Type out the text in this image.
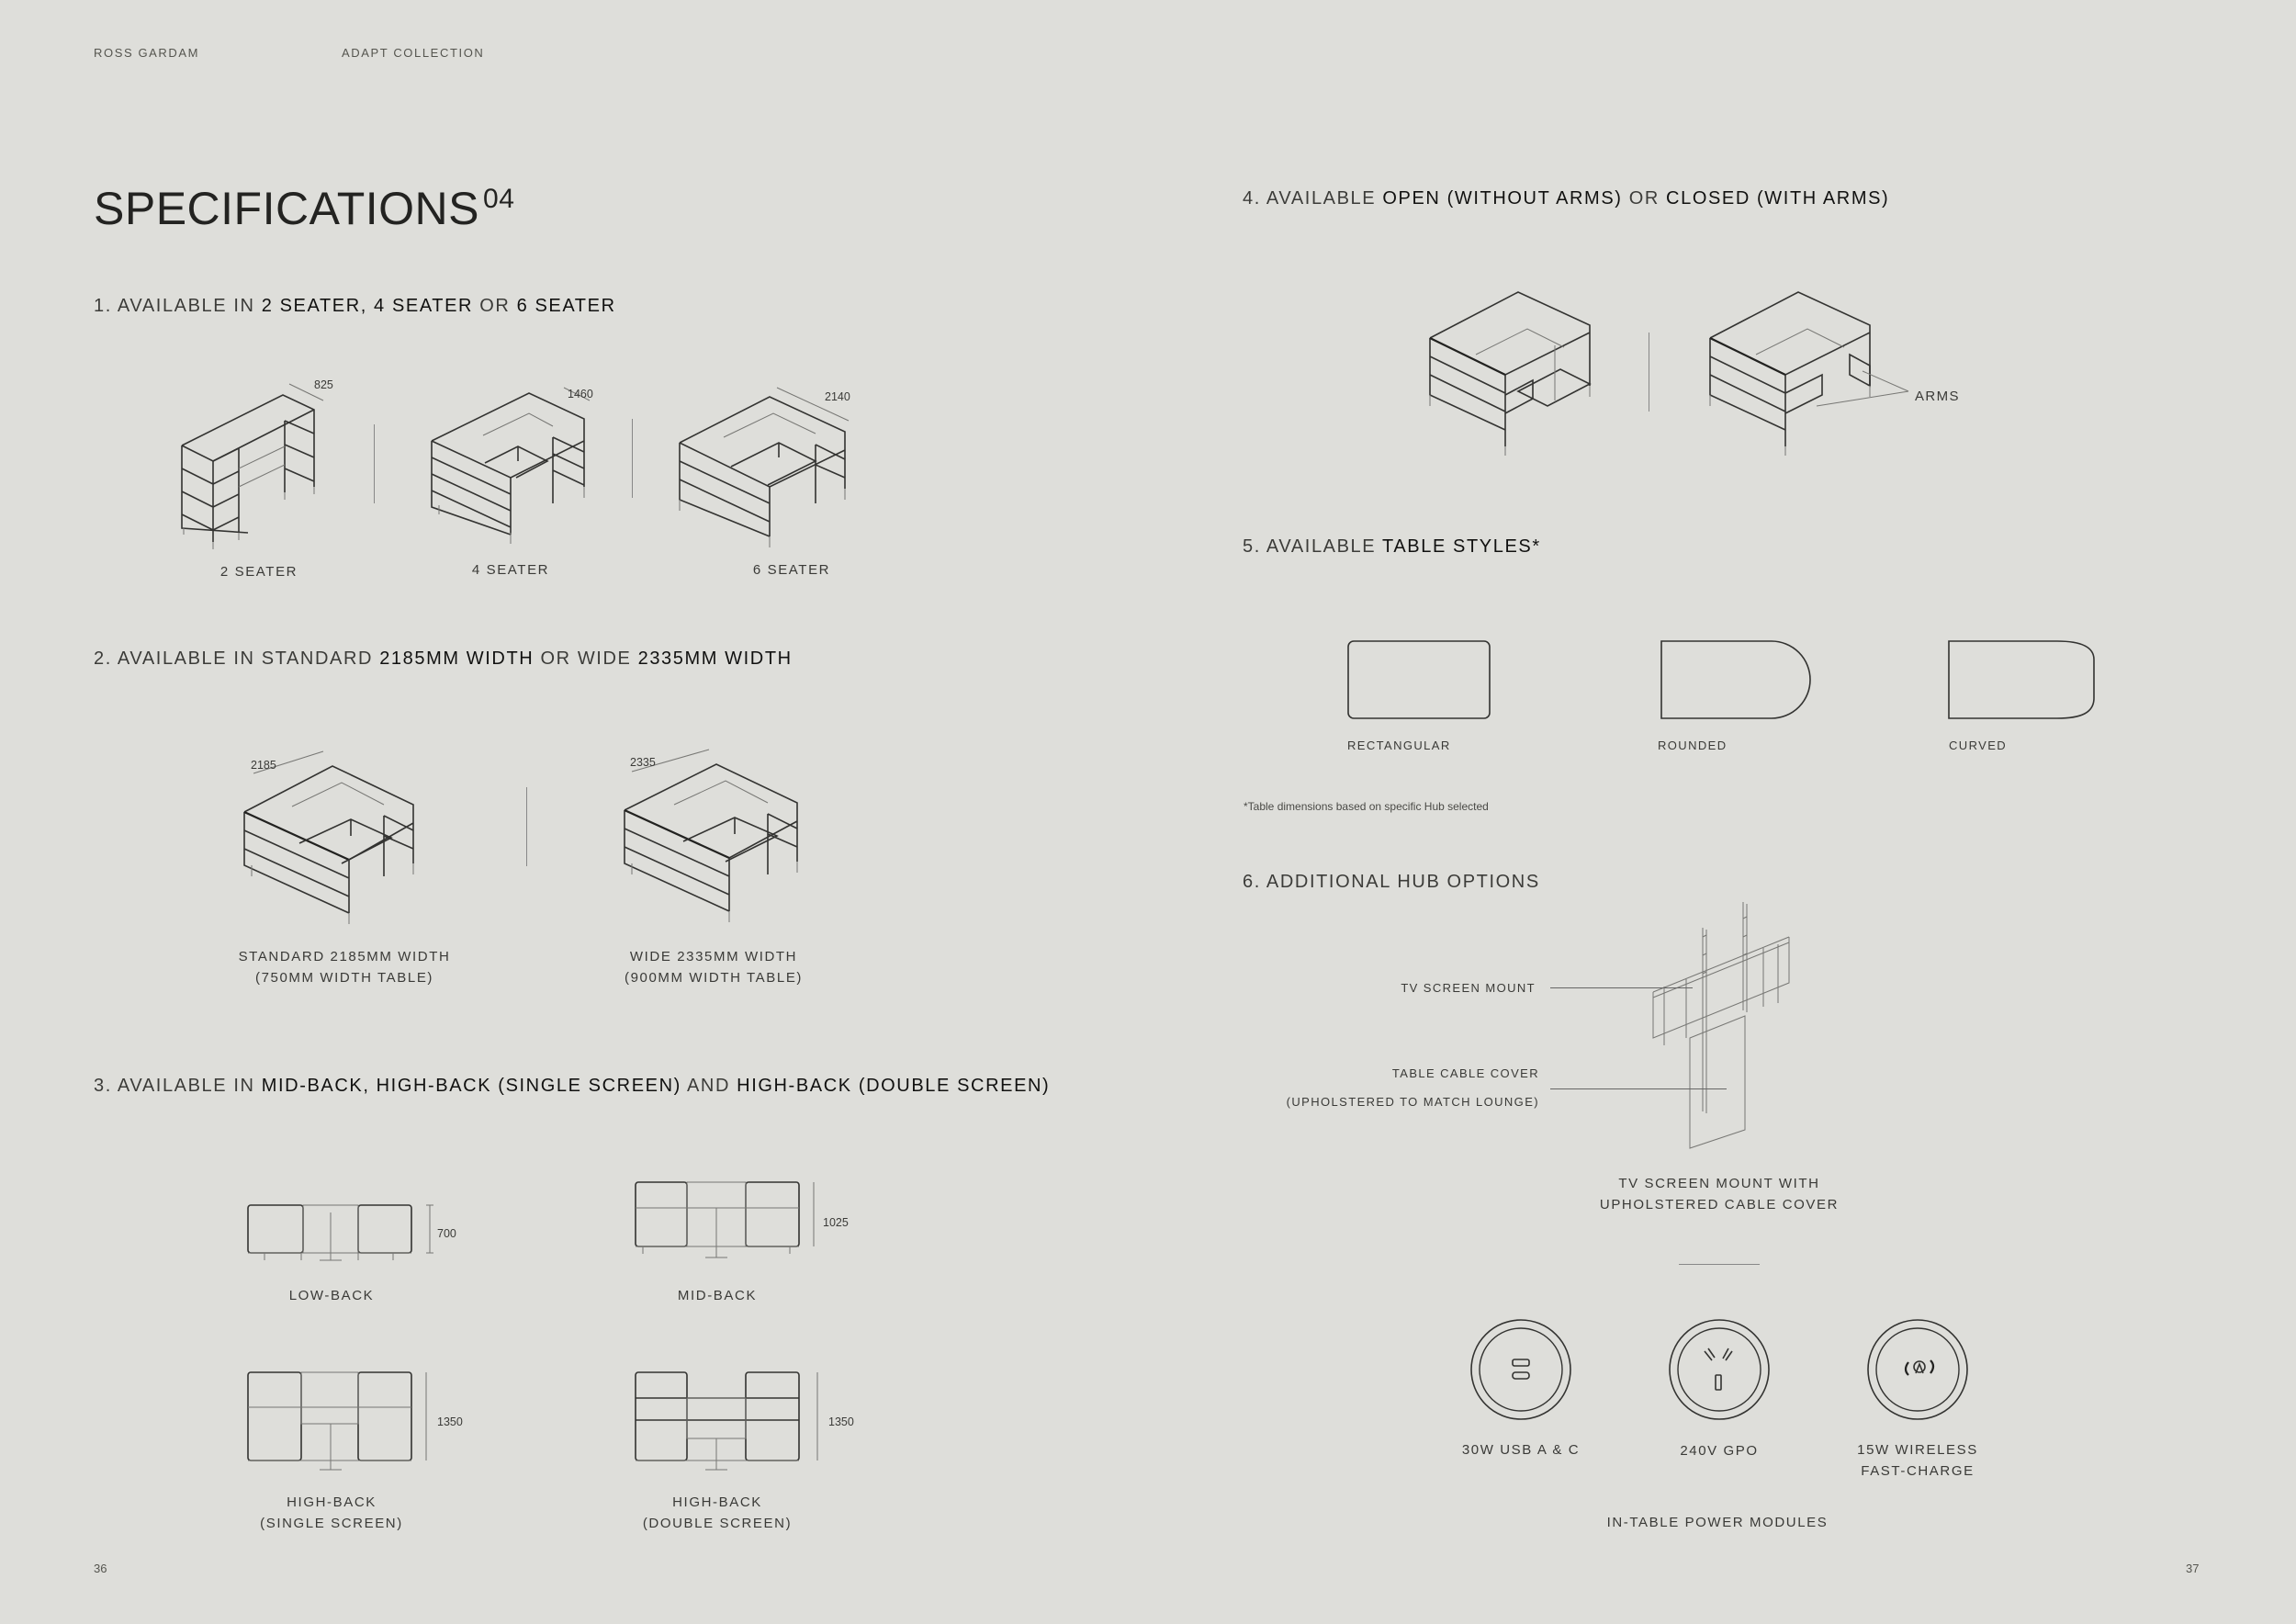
ROSS GARDAM	ADAPT COLLECTION
SPECIFICATIONS $^{04}$
1. AVAILABLE IN 2 SEATER, 4 SEATER OR 6 SEATER
825
1460	2140
2 SEATER	4 SEATER	6 SEATER
2. AVAILABLE IN STANDARD 2185MM WIDTH OR WIDE 2335MM WIDTH
2185	2335
STANDARD 2185MM WIDTH
(750MM WIDTH TABLE)
WIDE 2335MM WIDTH
(900MM WIDTH TABLE)
3. AVAILABLE IN MID-BACK, HIGH-BACK (SINGLE SCREEN) AND HIGH-BACK (DOUBLE SCREEN)
700
1025
LOW-BACK	MID-BACK
1350	1350
HIGH-BACK
(SINGLE SCREEN)
HIGH-BACK
(DOUBLE SCREEN)
36
4. AVAILABLE OPEN (WITHOUT ARMS) OR CLOSED (WITH ARMS)
ARMS
5. AVAILABLE TABLE STYLES*
RECTANGULAR	ROUNDED	CURVED
*Table dimensions based on specific Hub selected
6. ADDITIONAL HUB OPTIONS
TV SCREEN MOUNT
TABLE CABLE COVER
(UPHOLSTERED TO MATCH LOUNGE)
TV SCREEN MOUNT WITH
UPHOLSTERED CABLE COVER
30W USB A & C	240V GPO	15W WIRELESS
FAST-CHARGE
IN-TABLE POWER MODULES
37
